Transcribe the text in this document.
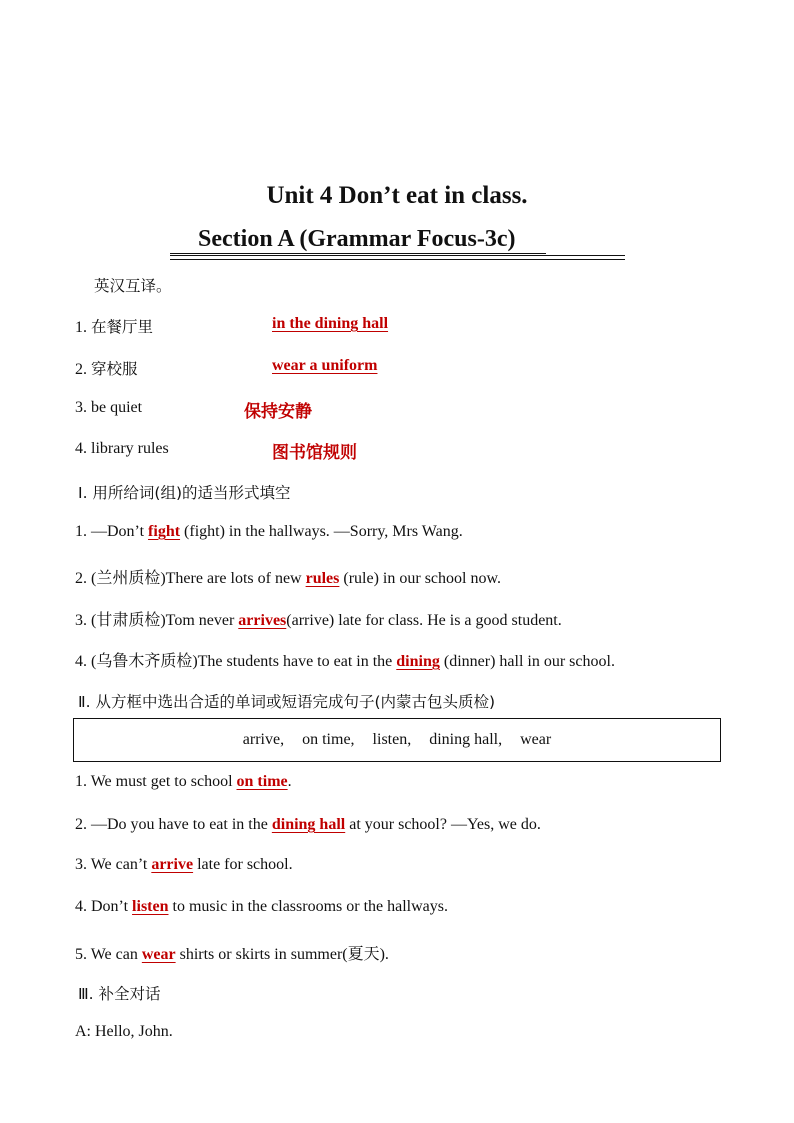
Unit 4 Don’t eat in class.
Section A (Grammar Focus-3c)
英汉互译。
1. 在餐厅里	in the dining hall
2. 穿校服	wear a uniform
3. be quiet	保持安静
4. library rules	图书馆规则
Ⅰ. 用所给词(组)的适当形式填空
1. —Don’t fight (fight) in the hallways. —Sorry, Mrs Wang.
2. (兰州质检)There are lots of new rules (rule) in our school now.
3. (甘肃质检)Tom never arrives(arrive) late for class. He is a good student.
4. (乌鲁木齐质检)The students have to eat in the dining (dinner) hall in our school.
Ⅱ. 从方框中选出合适的单词或短语完成句子(内蒙古包头质检)
arrive, on time, listen, dining hall, wear
1. We must get to school on time.
2. —Do you have to eat in the dining hall at your school? —Yes, we do.
3. We can’t arrive late for school.
4. Don’t listen to music in the classrooms or the hallways.
5. We can wear shirts or skirts in summer(夏天).
Ⅲ. 补全对话
A: Hello, John.
